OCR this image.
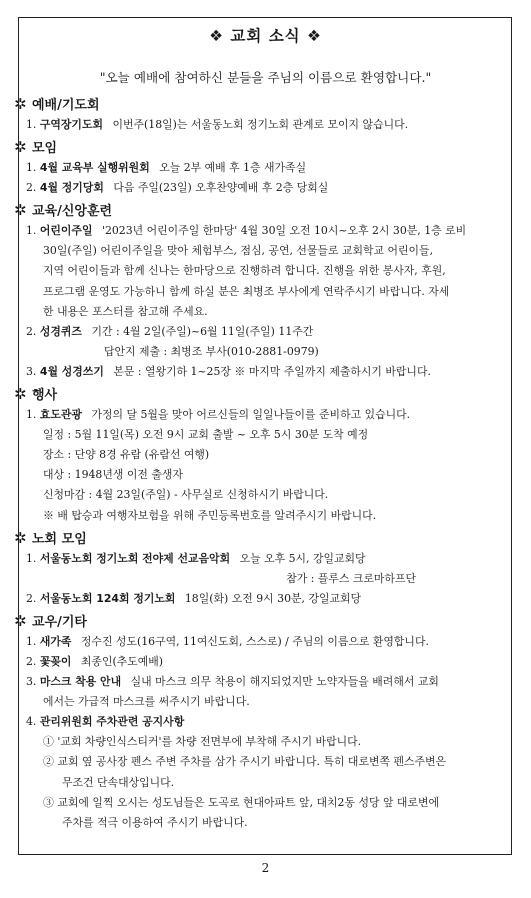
❖ 교회 소식 ❖
"오늘 예배에 참여하신 분들을 주님의 이름으로 환영합니다."
✲ 예배/기도회
1. 구역장기도회 이번주(18일)는 서울동노회 정기노회 관계로 모이지 않습니다.
✲ 모임
1. 4월 교육부 실행위원회 오늘 2부 예배 후 1층 새가족실
2. 4월 정기당회 다음 주일(23일) 오후찬양예배 후 2층 당회실
✲ 교육/신앙훈련
1. 어린이주일 '2023년 어린이주일 한마당' 4월 30일 오전 10시~오후 2시 30분, 1층 로비
30일(주일) 어린이주일을 맞아 체험부스, 점심, 공연, 선물들로 교회학교 어린이들,
지역 어린이들과 함께 신나는 한마당으로 진행하려 합니다. 진행을 위한 봉사자, 후원,
프로그램 운영도 가능하니 함께 하실 분은 최병조 부사에게 연락주시기 바랍니다. 자세
한 내용은 포스터를 참고해 주세요.
2. 성경퀴즈 기간 : 4월 2일(주일)~6월 11일(주일) 11주간
답안지 제출 : 최병조 부사(010-2881-0979)
3. 4월 성경쓰기 본문 : 열왕기하 1~25장 ※ 마지막 주일까지 제출하시기 바랍니다.
✲ 행사
1. 효도관광 가정의 달 5월을 맞아 어르신들의 일일나들이를 준비하고 있습니다.
일정 : 5월 11일(목) 오전 9시 교회 출발 ~ 오후 5시 30분 도착 예정
장소 : 단양 8경 유람 (유람선 여행)
대상 : 1948년생 이전 출생자
신청마감 : 4월 23일(주일) - 사무실로 신청하시기 바랍니다.
※ 배 탑승과 여행자보험을 위해 주민등록번호를 알려주시기 바랍니다.
✲ 노회 모임
1. 서울동노회 정기노회 전야제 선교음악회 오늘 오후 5시, 강일교회당
참가 : 플루스 크로마하프단
2. 서울동노회 124회 정기노회 18일(화) 오전 9시 30분, 강일교회당
✲ 교우/기타
1. 새가족 정수진 성도(16구역, 11여신도회, 스스로) / 주님의 이름으로 환영합니다.
2. 꽃꽂이 최종인(추도예배)
3. 마스크 착용 안내 실내 마스크 의무 착용이 해지되었지만 노약자들을 배려해서 교회
에서는 가급적 마스크를 써주시기 바랍니다.
4. 관리위원회 주차관련 공지사항
① '교회 차량인식스티커'를 차량 전면부에 부착해 주시기 바랍니다.
② 교회 옆 공사장 펜스 주변 주차를 삼가 주시기 바랍니다. 특히 대로변쪽 펜스주변은
무조건 단속대상입니다.
③ 교회에 일찍 오시는 성도님들은 도곡로 현대아파트 앞, 대치2동 성당 앞 대로변에
주차를 적극 이용하여 주시기 바랍니다.
2
